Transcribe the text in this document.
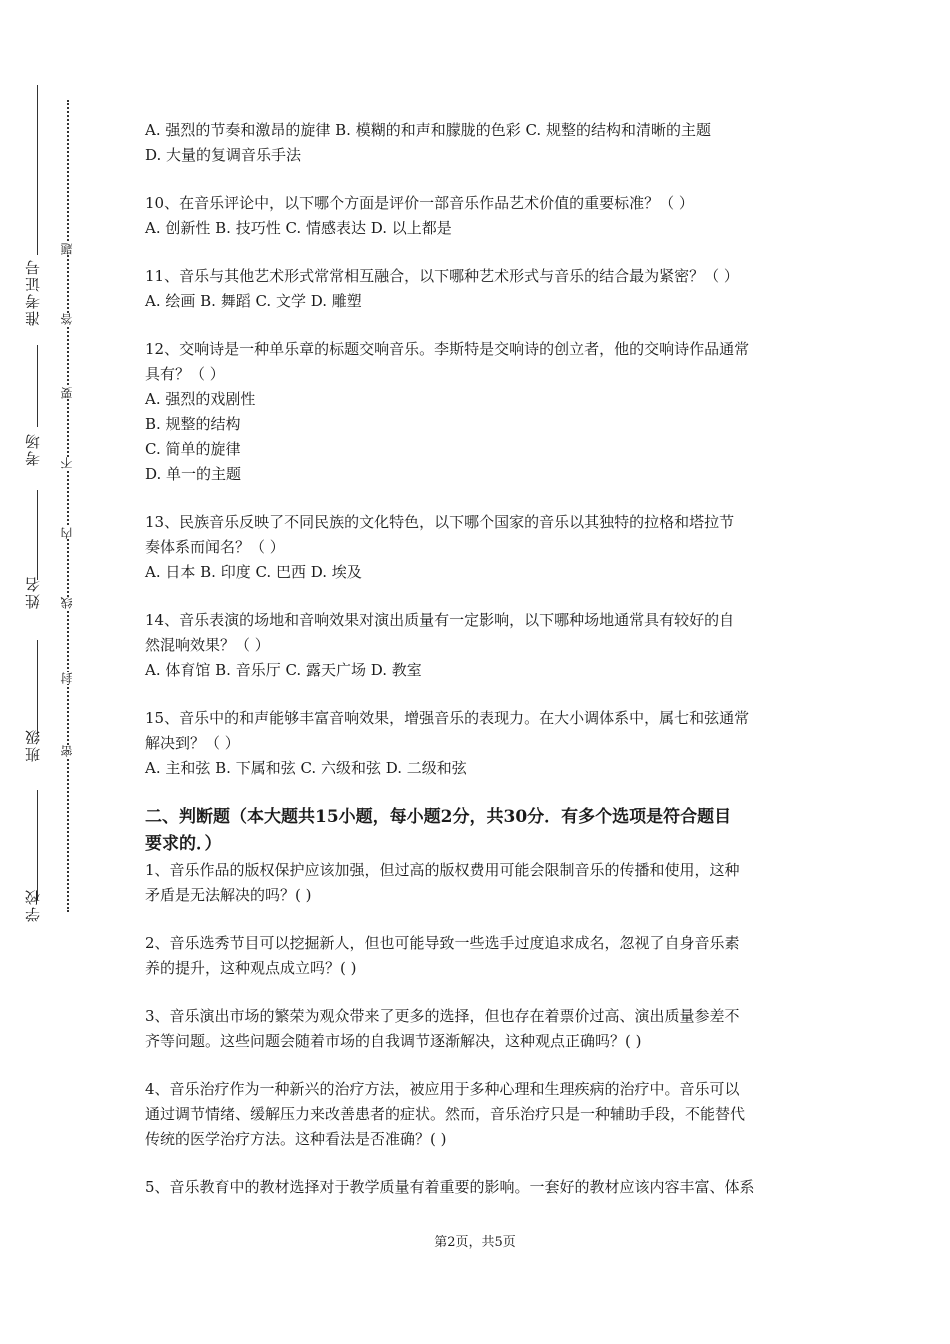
学校
班级
姓名
考场
准考证号
密
封
线
内
不
要
答
题
A. 强烈的节奏和激昂的旋律 B. 模糊的和声和朦胧的色彩 C. 规整的结构和清晰的主题
D. 大量的复调音乐手法
10、在音乐评论中，以下哪个方面是评价一部音乐作品艺术价值的重要标准？（ ）
A. 创新性 B. 技巧性 C. 情感表达 D. 以上都是
11、音乐与其他艺术形式常常相互融合，以下哪种艺术形式与音乐的结合最为紧密？（ ）
A. 绘画 B. 舞蹈 C. 文学 D. 雕塑
12、交响诗是一种单乐章的标题交响音乐。李斯特是交响诗的创立者，他的交响诗作品通常
具有？（ ）
A. 强烈的戏剧性
B. 规整的结构
C. 简单的旋律
D. 单一的主题
13、民族音乐反映了不同民族的文化特色，以下哪个国家的音乐以其独特的拉格和塔拉节
奏体系而闻名？（ ）
A. 日本 B. 印度 C. 巴西 D. 埃及
14、音乐表演的场地和音响效果对演出质量有一定影响，以下哪种场地通常具有较好的自
然混响效果？（ ）
A. 体育馆 B. 音乐厅 C. 露天广场 D. 教室
15、音乐中的和声能够丰富音响效果，增强音乐的表现力。在大小调体系中，属七和弦通常
解决到？（ ）
A. 主和弦 B. 下属和弦 C. 六级和弦 D. 二级和弦
二、判断题（本大题共15小题，每小题2分，共30分．有多个选项是符合题目
要求的．）
1、音乐作品的版权保护应该加强，但过高的版权费用可能会限制音乐的传播和使用，这种
矛盾是无法解决的吗？( )
2、音乐选秀节目可以挖掘新人，但也可能导致一些选手过度追求成名，忽视了自身音乐素
养的提升，这种观点成立吗？( )
3、音乐演出市场的繁荣为观众带来了更多的选择，但也存在着票价过高、演出质量参差不
齐等问题。这些问题会随着市场的自我调节逐渐解决，这种观点正确吗？( )
4、音乐治疗作为一种新兴的治疗方法，被应用于多种心理和生理疾病的治疗中。音乐可以
通过调节情绪、缓解压力来改善患者的症状。然而，音乐治疗只是一种辅助手段，不能替代
传统的医学治疗方法。这种看法是否准确？( )
5、音乐教育中的教材选择对于教学质量有着重要的影响。一套好的教材应该内容丰富、体系
第2页，共5页
